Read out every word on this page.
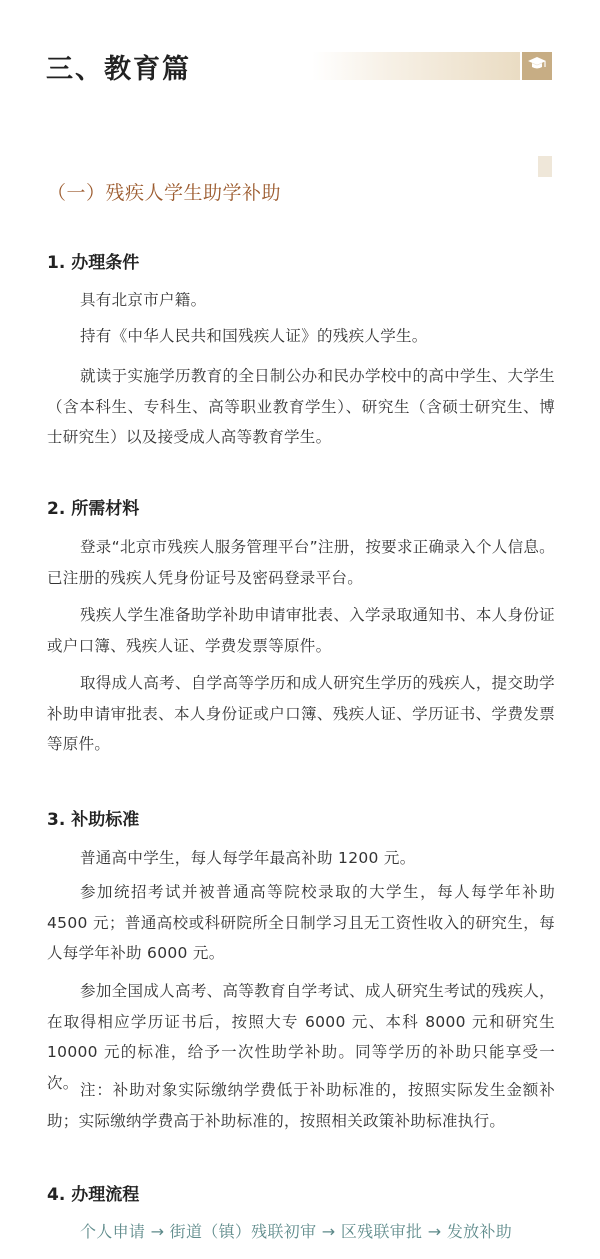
三、教育篇
（一）残疾人学生助学补助
1. 办理条件
具有北京市户籍。
持有《中华人民共和国残疾人证》的残疾人学生。
就读于实施学历教育的全日制公办和民办学校中的高中学生、大学生（含本科生、专科生、高等职业教育学生）、研究生（含硕士研究生、博士研究生）以及接受成人高等教育学生。
2. 所需材料
登录“北京市残疾人服务管理平台”注册，按要求正确录入个人信息。已注册的残疾人凭身份证号及密码登录平台。
残疾人学生准备助学补助申请审批表、入学录取通知书、本人身份证或户口簿、残疾人证、学费发票等原件。
取得成人高考、自学高等学历和成人研究生学历的残疾人，提交助学补助申请审批表、本人身份证或户口簿、残疾人证、学历证书、学费发票等原件。
3. 补助标准
普通高中学生，每人每学年最高补助 1200 元。
参加统招考试并被普通高等院校录取的大学生，每人每学年补助4500 元；普通高校或科研院所全日制学习且无工资性收入的研究生，每人每学年补助 6000 元。
参加全国成人高考、高等教育自学考试、成人研究生考试的残疾人，在取得相应学历证书后，按照大专 6000 元、本科 8000 元和研究生10000 元的标准，给予一次性助学补助。同等学历的补助只能享受一次。 注：补助对象实际缴纳学费低于补助标准的，按照实际发生金额补助；实际缴纳学费高于补助标准的，按照相关政策补助标准执行。
4. 办理流程
个人申请 → 街道（镇）残联初审 → 区残联审批 → 发放补助
